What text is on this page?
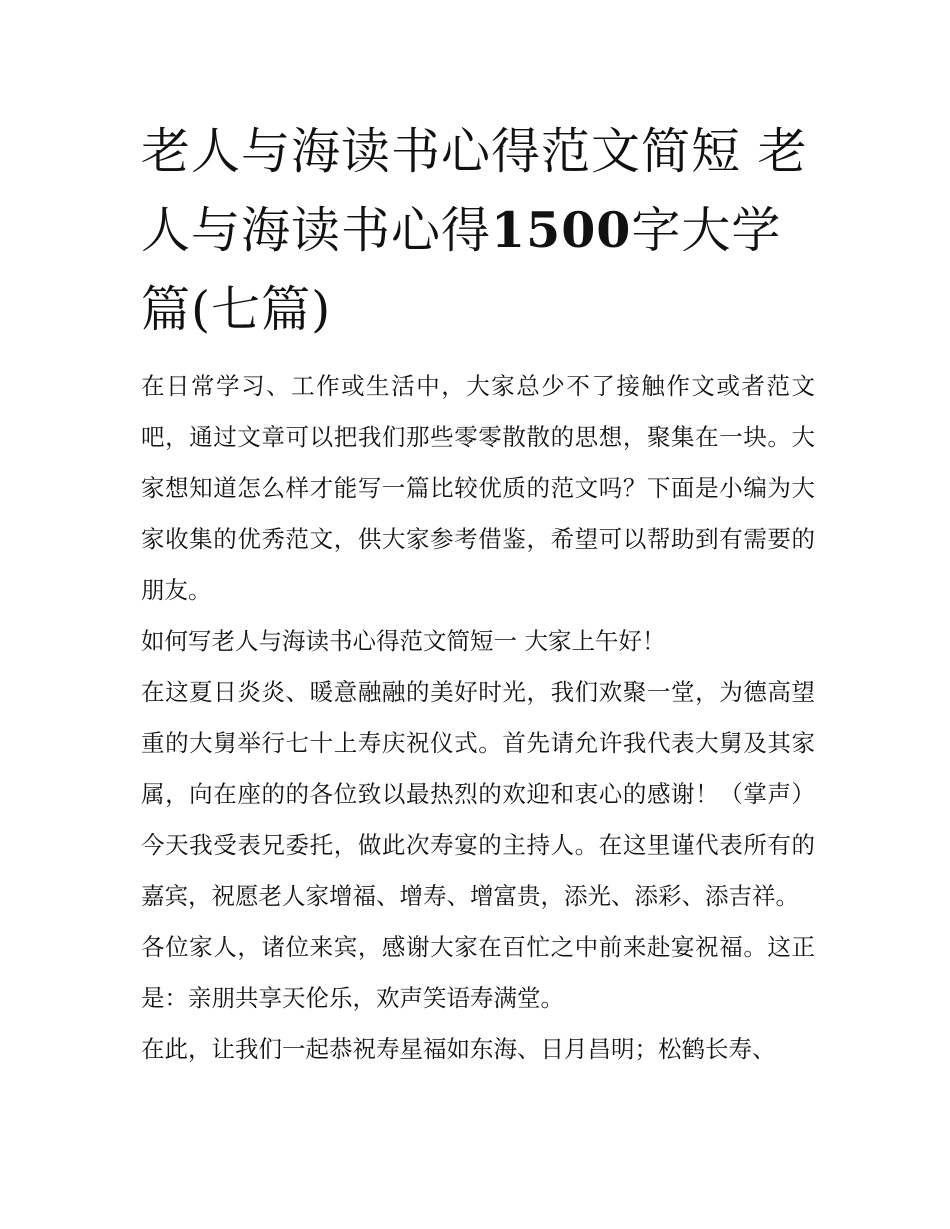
老人与海读书心得范文简短 老人与海读书心得1500字大学篇(七篇)

在日常学习、工作或生活中，大家总少不了接触作文或者范文吧，通过文章可以把我们那些零零散散的思想，聚集在一块。大家想知道怎么样才能写一篇比较优质的范文吗？下面是小编为大家收集的优秀范文，供大家参考借鉴，希望可以帮助到有需要的朋友。

如何写老人与海读书心得范文简短一 大家上午好！

在这夏日炎炎、暖意融融的美好时光，我们欢聚一堂，为德高望重的大舅举行七十上寿庆祝仪式。首先请允许我代表大舅及其家属，向在座的的各位致以最热烈的欢迎和衷心的感谢！（掌声）今天我受表兄委托，做此次寿宴的主持人。在这里谨代表所有的嘉宾，祝愿老人家增福、增寿、增富贵，添光、添彩、添吉祥。

各位家人，诸位来宾，感谢大家在百忙之中前来赴宴祝福。这正是：亲朋共享天伦乐，欢声笑语寿满堂。

在此，让我们一起恭祝寿星福如东海、日月昌明；松鹤长寿、
